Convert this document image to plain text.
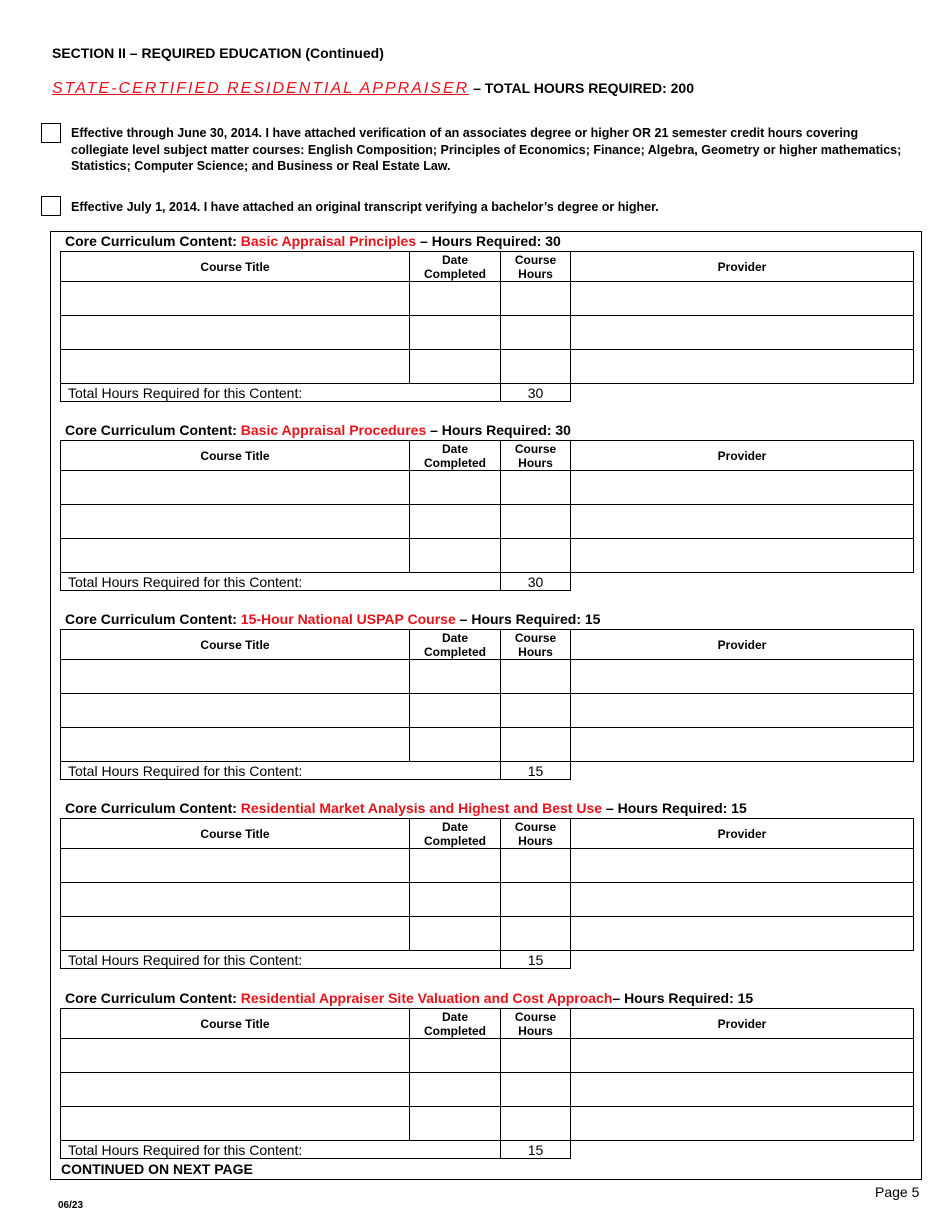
SECTION II – REQUIRED EDUCATION (Continued)
STATE-CERTIFIED RESIDENTIAL APPRAISER – TOTAL HOURS REQUIRED: 200
Effective through June 30, 2014. I have attached verification of an associates degree or higher OR 21 semester credit hours covering collegiate level subject matter courses: English Composition; Principles of Economics; Finance; Algebra, Geometry or higher mathematics; Statistics; Computer Science; and Business or Real Estate Law.
Effective July 1, 2014. I have attached an original transcript verifying a bachelor’s degree or higher.
Core Curriculum Content: Basic Appraisal Principles – Hours Required: 30
Course Title	Date Completed	Course Hours	Provider

Total Hours Required for this Content:		30	
Core Curriculum Content: Basic Appraisal Procedures – Hours Required: 30
Course Title	Date Completed	Course Hours	Provider

Total Hours Required for this Content:		30	
Core Curriculum Content: 15-Hour National USPAP Course – Hours Required: 15
Course Title	Date Completed	Course Hours	Provider

Total Hours Required for this Content:		15	
Core Curriculum Content: Residential Market Analysis and Highest and Best Use – Hours Required: 15
Course Title	Date Completed	Course Hours	Provider

Total Hours Required for this Content:		15	
Core Curriculum Content: Residential Appraiser Site Valuation and Cost Approach– Hours Required: 15
Course Title	Date Completed	Course Hours	Provider

Total Hours Required for this Content:		15	
CONTINUED ON NEXT PAGE
Page 5
06/23
